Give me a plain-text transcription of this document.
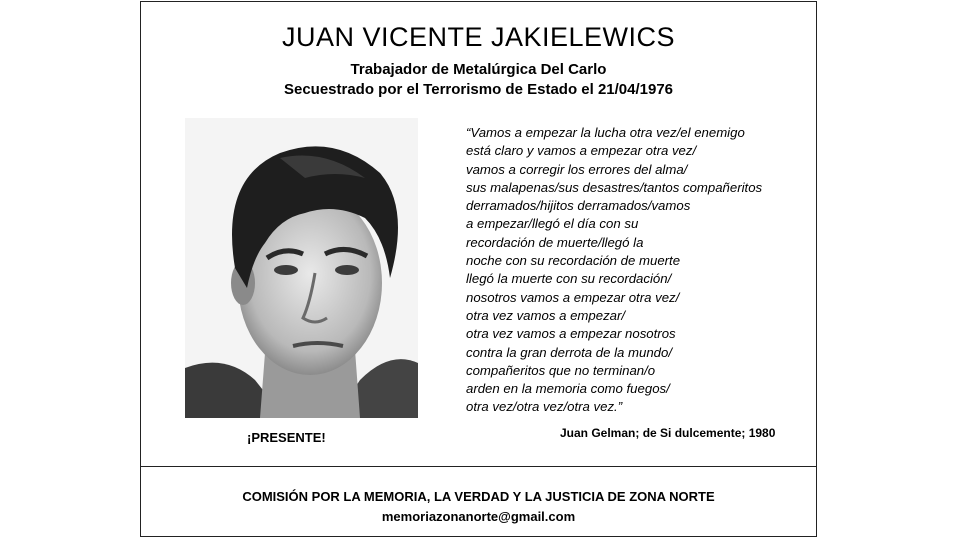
JUAN VICENTE JAKIELEWICS
Trabajador de Metalúrgica Del Carlo
Secuestrado por el Terrorismo de Estado el 21/04/1976
¡PRESENTE!
“Vamos a empezar la lucha otra vez/el enemigo
está claro y vamos a empezar otra vez/
vamos a corregir los errores del alma/
sus malapenas/sus desastres/tantos compañeritos
derramados/hijitos derramados/vamos
a empezar/llegó el día con su
recordación de muerte/llegó la
noche con su recordación de muerte
llegó la muerte con su recordación/
nosotros vamos a empezar otra vez/
otra vez vamos a empezar/
otra vez vamos a empezar nosotros
contra la gran derrota de la mundo/
compañeritos que no terminan/o
arden en la memoria como fuegos/
otra vez/otra vez/otra vez.”
Juan Gelman; de Si dulcemente; 1980
COMISIÓN POR LA MEMORIA, LA VERDAD Y LA JUSTICIA DE ZONA NORTE
memoriazonanorte@gmail.com
